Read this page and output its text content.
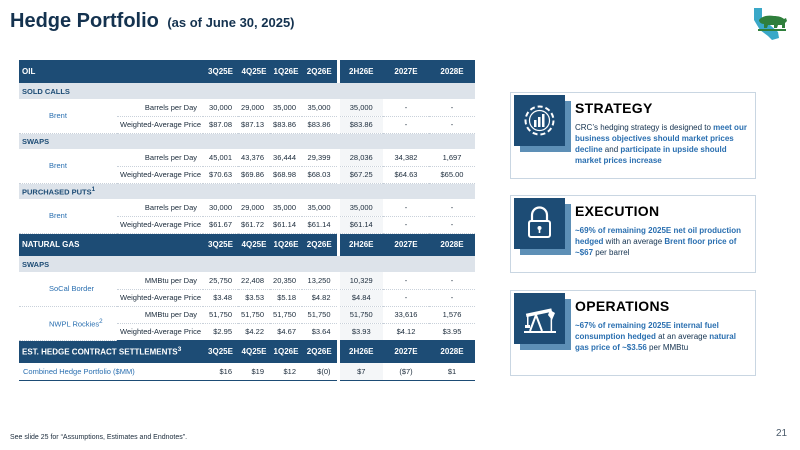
Hedge Portfolio (as of June 30, 2025)
OIL		3Q25E	4Q25E	1Q26E	2Q26E	2H26E	2027E	2028E
SOLD CALLS								
Brent	Barrels per Day	30,000	29,000	35,000	35,000	35,000	-	-
	Weighted-Average Price	$87.08	$87.13	$83.86	$83.86	$83.86	-	-
SWAPS								
Brent	Barrels per Day	45,001	43,376	36,444	29,399	28,036	34,382	1,697
	Weighted-Average Price	$70.63	$69.86	$68.98	$68.03	$67.25	$64.63	$65.00
PURCHASED PUTS$^1$
Brent	Barrels per Day	30,000	29,000	35,000	35,000	35,000	-	-
	Weighted-Average Price	$61.67	$61.72	$61.14	$61.14	$61.14	-	-
NATURAL GAS		3Q25E	4Q25E	1Q26E	2Q26E	2H26E	2027E	2028E
SWAPS								
SoCal Border	MMBtu per Day	25,750	22,408	20,350	13,250	10,329	-	-
	Weighted-Average Price	$3.48	$3.53	$5.18	$4.82	$4.84	-	-
NWPL Rockies$^2$	MMBtu per Day	51,750	51,750	51,750	51,750	51,750	33,616	1,576
	Weighted-Average Price	$2.95	$4.22	$4.67	$3.64	$3.93	$4.12	$3.95
EST. HEDGE CONTRACT SETTLEMENTS$^3$		3Q25E	4Q25E	1Q26E	2Q26E	2H26E	2027E	2028E
Combined Hedge Portfolio ($MM)		$16	$19	$12	$(0)	$7	($7)	$1
STRATEGY

CRC’s hedging strategy is designed to meet our business objectives should market prices decline and participate in upside should market prices increase

EXECUTION

~69% of remaining 2025E net oil production hedged with an average Brent floor price of ~$67 per barrel

OPERATIONS

~67% of remaining 2025E internal fuel consumption hedged at an average natural gas price of ~$3.56 per MMBtu

See slide 25 for “Assumptions, Estimates and Endnotes”.	21
